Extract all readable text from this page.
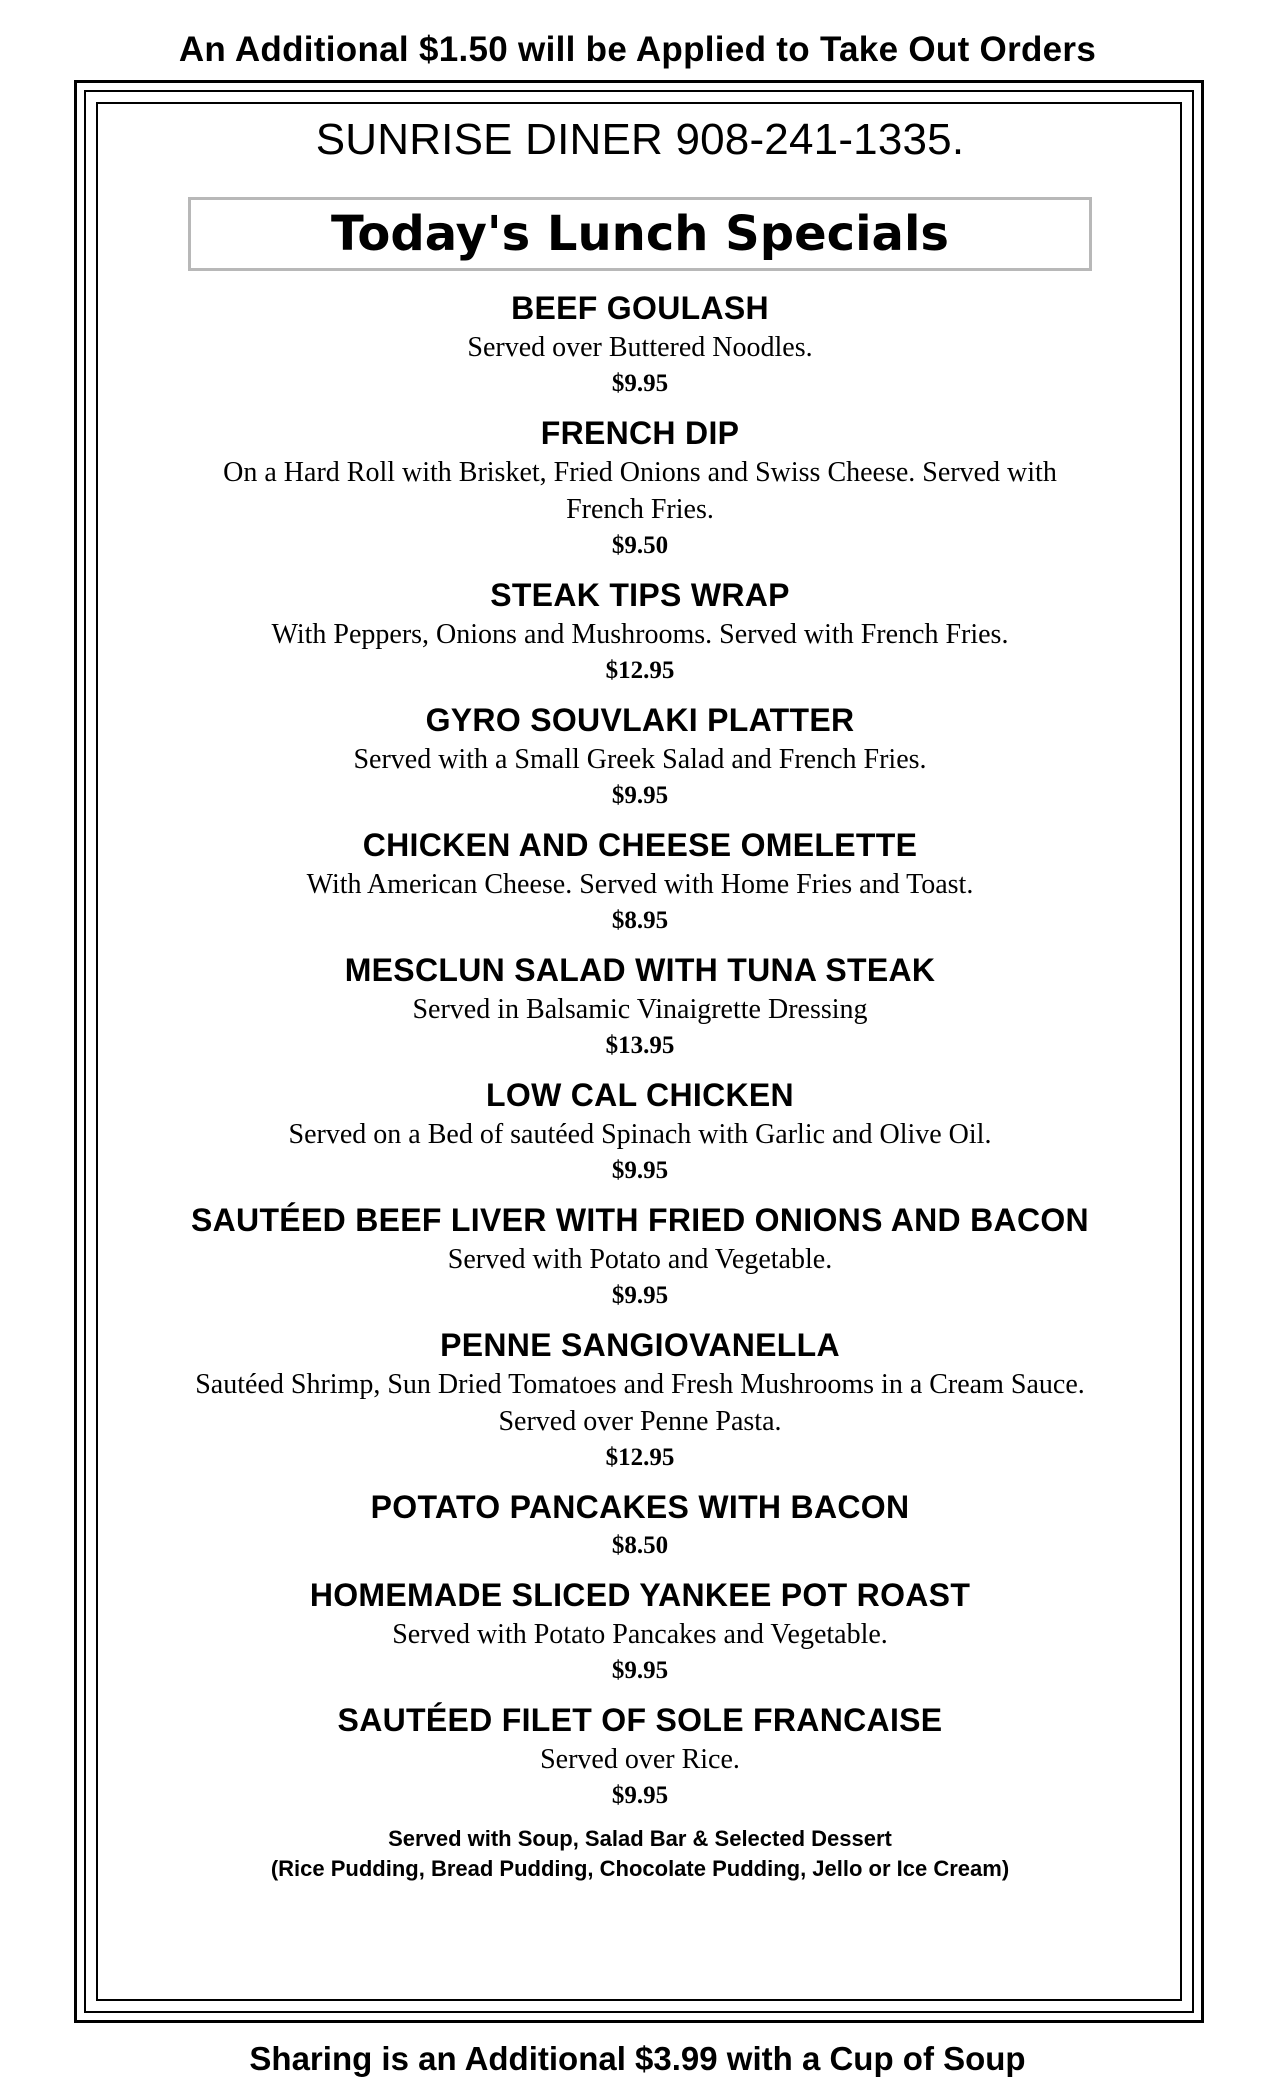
An Additional $1.50 will be Applied to Take Out Orders
SUNRISE DINER 908-241-1335.
Today's Lunch Specials
BEEF GOULASH
Served over Buttered Noodles.
$9.95
FRENCH DIP
On a Hard Roll with Brisket, Fried Onions and Swiss Cheese. Served with French Fries.
$9.50
STEAK TIPS WRAP
With Peppers, Onions and Mushrooms. Served with French Fries.
$12.95
GYRO SOUVLAKI PLATTER
Served with a Small Greek Salad and French Fries.
$9.95
CHICKEN AND CHEESE OMELETTE
With American Cheese. Served with Home Fries and Toast.
$8.95
MESCLUN SALAD WITH TUNA STEAK
Served in Balsamic Vinaigrette Dressing
$13.95
LOW CAL CHICKEN
Served on a Bed of sautéed Spinach with Garlic and Olive Oil.
$9.95
SAUTÉED BEEF LIVER WITH FRIED ONIONS AND BACON
Served with Potato and Vegetable.
$9.95
PENNE SANGIOVANELLA
Sautéed Shrimp, Sun Dried Tomatoes and Fresh Mushrooms in a Cream Sauce. Served over Penne Pasta.
$12.95
POTATO PANCAKES WITH BACON
$8.50
HOMEMADE SLICED YANKEE POT ROAST
Served with Potato Pancakes and Vegetable.
$9.95
SAUTÉED FILET OF SOLE FRANCAISE
Served over Rice.
$9.95
Served with Soup, Salad Bar & Selected Dessert
(Rice Pudding, Bread Pudding, Chocolate Pudding, Jello or Ice Cream)
Sharing is an Additional $3.99 with a Cup of Soup
